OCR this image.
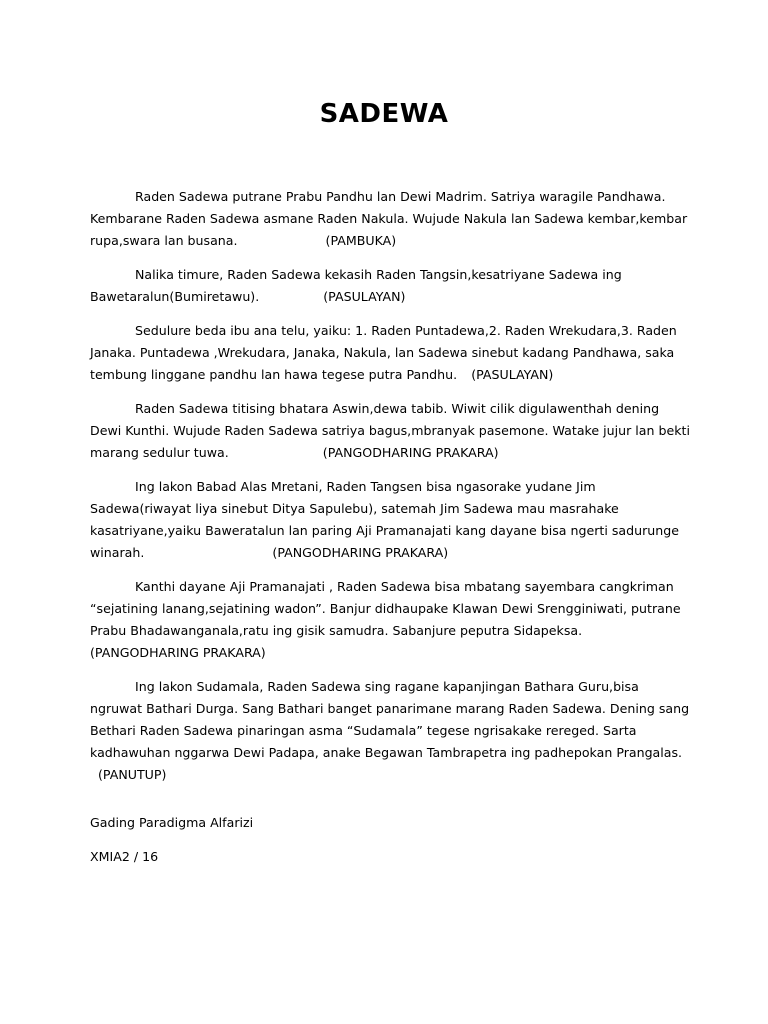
SADEWA

Raden Sadewa putrane Prabu Pandhu lan Dewi Madrim. Satriya waragile Pandhawa. Kembarane Raden Sadewa asmane Raden Nakula. Wujude Nakula lan Sadewa kembar,kembar rupa,swara lan busana.	(PAMBUKA)

Nalika timure, Raden Sadewa kekasih Raden Tangsin,kesatriyane Sadewa ing Bawetaralun(Bumiretawu).	(PASULAYAN)

Sedulure beda ibu ana telu, yaiku: 1. Raden Puntadewa,2. Raden Wrekudara,3. Raden Janaka. Puntadewa ,Wrekudara, Janaka, Nakula, lan Sadewa sinebut kadang Pandhawa, saka tembung linggane pandhu lan hawa tegese putra Pandhu. (PASULAYAN)

Raden Sadewa titising bhatara Aswin,dewa tabib. Wiwit cilik digulawenthah dening Dewi Kunthi. Wujude Raden Sadewa satriya bagus,mbranyak pasemone. Watake jujur lan bekti marang sedulur tuwa.	(PANGODHARING PRAKARA)

Ing lakon Babad Alas Mretani, Raden Tangsen bisa ngasorake yudane Jim Sadewa(riwayat liya sinebut Ditya Sapulebu), satemah Jim Sadewa mau masrahake kasatriyane,yaiku Baweratalun lan paring Aji Pramanajati kang dayane bisa ngerti sadurunge winarah.	(PANGODHARING PRAKARA)

Kanthi dayane Aji Pramanajati , Raden Sadewa bisa mbatang sayembara cangkriman “sejatining lanang,sejatining wadon”. Banjur didhaupake Klawan Dewi Srengginiwati, putrane Prabu Bhadawanganala,ratu ing gisik samudra. Sabanjure peputra Sidapeksa. (PANGODHARING PRAKARA)

Ing lakon Sudamala, Raden Sadewa sing ragane kapanjingan Bathara Guru,bisa ngruwat Bathari Durga. Sang Bathari banget panarimane marang Raden Sadewa. Dening sang Bethari Raden Sadewa pinaringan asma “Sudamala” tegese ngrisakake rereged. Sarta kadhawuhan nggarwa Dewi Padapa, anake Begawan Tambrapetra ing padhepokan Prangalas.  (PANUTUP)

Gading Paradigma Alfarizi
XMIA2 / 16
